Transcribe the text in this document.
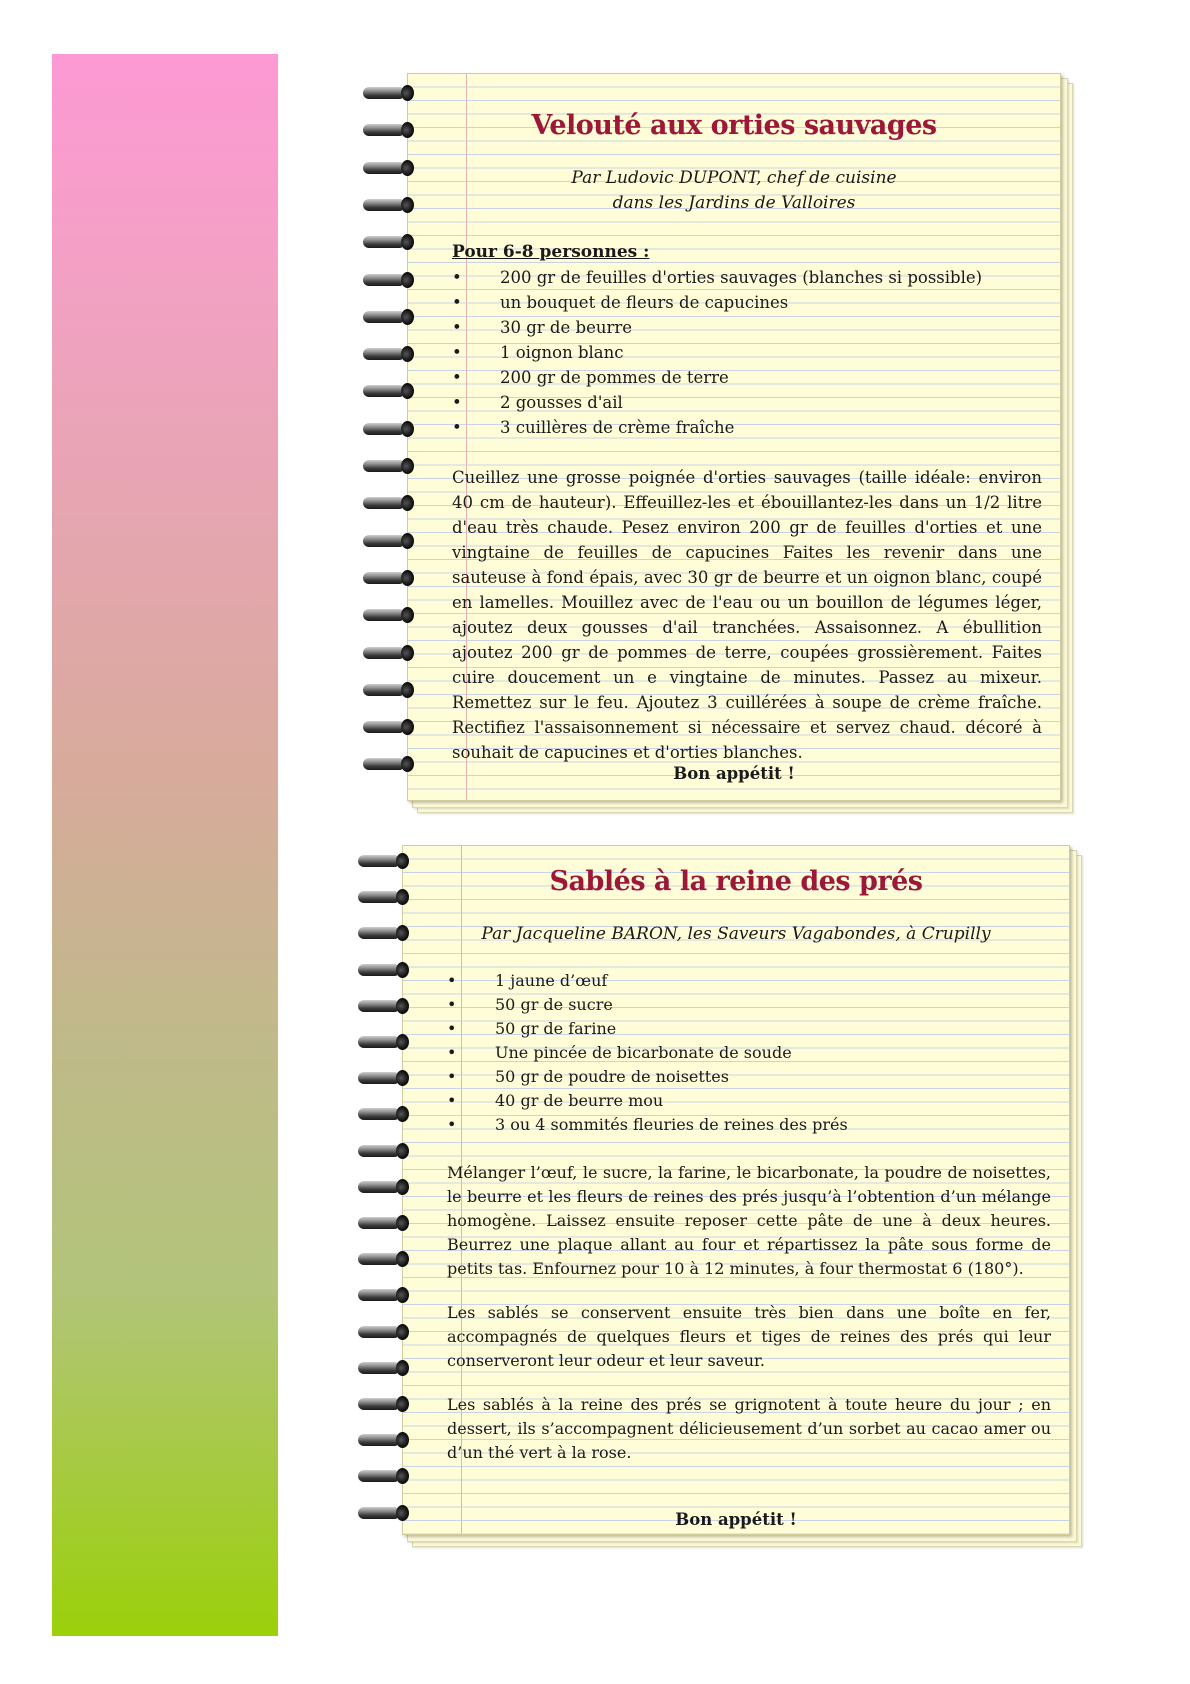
Velouté aux orties sauvages
Par Ludovic DUPONT, chef de cuisine
dans les Jardins de Valloires
Pour 6-8 personnes :
• 200 gr de feuilles d'orties sauvages (blanches si possible)
• un bouquet de fleurs de capucines
• 30 gr de beurre
• 1 oignon blanc
• 200 gr de pommes de terre
• 2 gousses d'ail
• 3 cuillères de crème fraîche

Cueillez une grosse poignée d'orties sauvages (taille idéale: environ 40 cm de hauteur). Effeuillez-les et ébouillantez-les dans un 1/2 litre d'eau très chaude. Pesez environ 200 gr de feuilles d'orties et une vingtaine de feuilles de capucines Faites les revenir dans une sauteuse à fond épais, avec 30 gr de beurre et un oignon blanc, coupé en lamelles. Mouillez avec de l'eau ou un bouillon de légumes léger, ajoutez deux gousses d'ail tranchées. Assaisonnez. A ébullition ajoutez 200 gr de pommes de terre, coupées grossièrement. Faites cuire doucement un e vingtaine de minutes. Passez au mixeur. Remettez sur le feu. Ajoutez 3 cuillérées à soupe de crème fraîche. Rectifiez l'assaisonnement si nécessaire et servez chaud. décoré à souhait de capucines et d'orties blanches.

Bon appétit !
Sablés à la reine des prés
Par Jacqueline BARON, les Saveurs Vagabondes, à Crupilly
• 1 jaune d’œuf
• 50 gr de sucre
• 50 gr de farine
• Une pincée de bicarbonate de soude
• 50 gr de poudre de noisettes
• 40 gr de beurre mou
• 3 ou 4 sommités fleuries de reines des prés

Mélanger l’œuf, le sucre, la farine, le bicarbonate, la poudre de noisettes, le beurre et les fleurs de reines des prés jusqu’à l’obtention d’un mélange homogène. Laissez ensuite reposer cette pâte de une à deux heures. Beurrez une plaque allant au four et répartissez la pâte sous forme de petits tas. Enfournez pour 10 à 12 minutes, à four thermostat 6 (180°).

Les sablés se conservent ensuite très bien dans une boîte en fer, accompagnés de quelques fleurs et tiges de reines des prés qui leur conserveront leur odeur et leur saveur.

Les sablés à la reine des prés se grignotent à toute heure du jour ; en dessert, ils s’accompagnent délicieusement d’un sorbet au cacao amer ou d’un thé vert à la rose.

Bon appétit !
